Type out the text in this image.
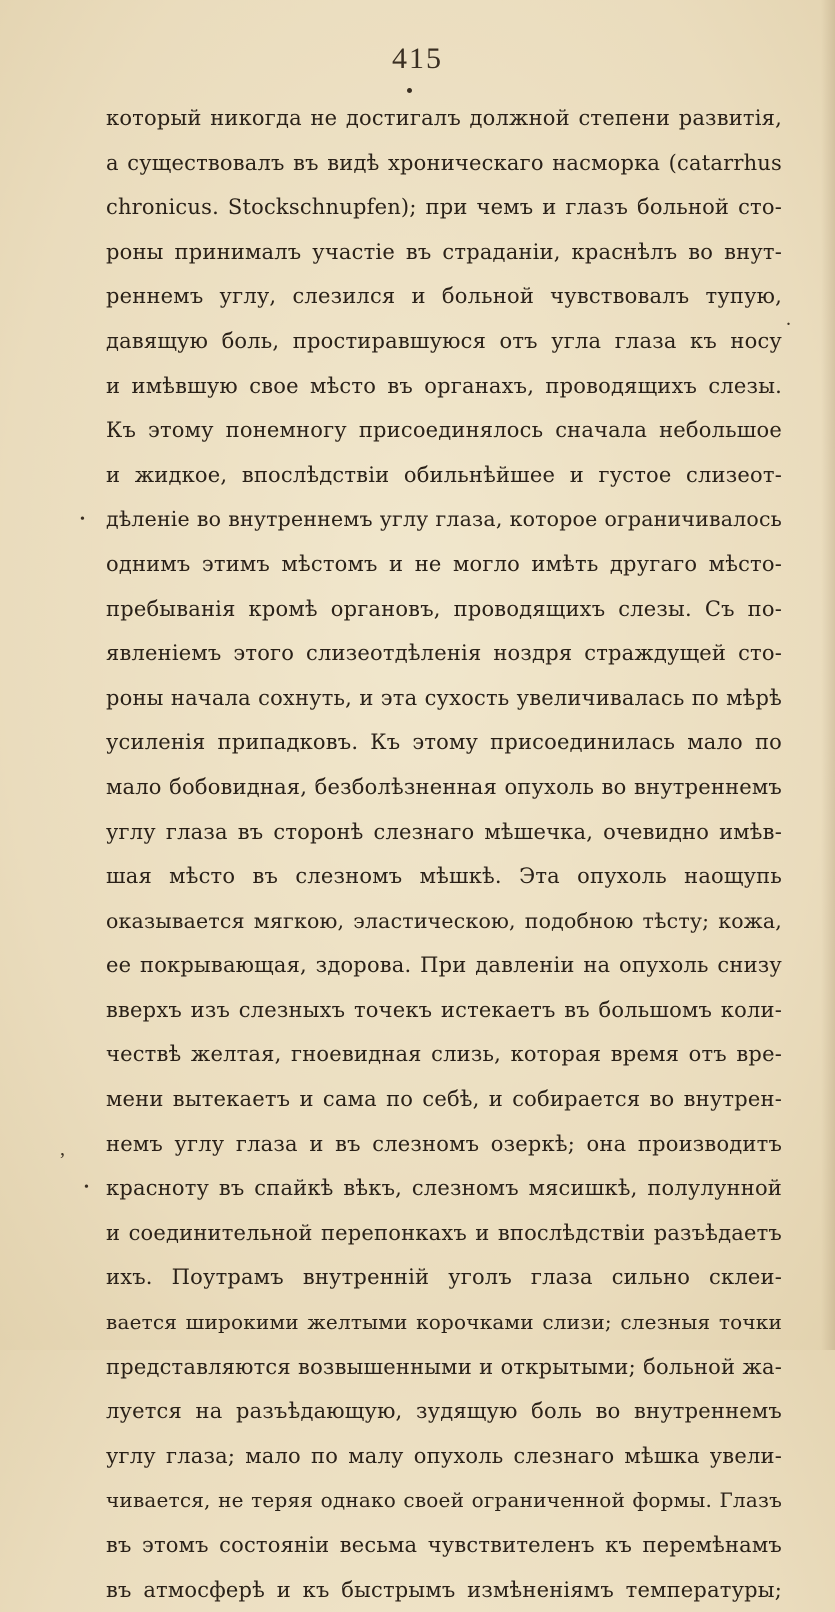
415
который никогда не достигалъ должной степени развитія,
а существовалъ въ видѣ хроническаго насморка (catarrhus
chronicus. Stockschnupfen); при чемъ и глазъ больной сто-
роны принималъ участіе въ страданіи, краснѣлъ во внут-
реннемъ углу, слезился и больной чувствовалъ тупую,
давящую боль, простиравшуюся отъ угла глаза къ носу
и имѣвшую свое мѣсто въ органахъ, проводящихъ слезы.
Къ этому понемногу присоединялось сначала небольшое
и жидкое, впослѣдствіи обильнѣйшее и густое слизеот-
дѣленіе во внутреннемъ углу глаза, которое ограничивалось
однимъ этимъ мѣстомъ и не могло имѣть другаго мѣсто-
пребыванія кромѣ органовъ, проводящихъ слезы. Съ по-
явленіемъ этого слизеотдѣленія ноздря страждущей сто-
роны начала сохнуть, и эта сухость увеличивалась по мѣрѣ
усиленія припадковъ. Къ этому присоединилась мало по
мало бобовидная, безболѣзненная опухоль во внутреннемъ
углу глаза въ сторонѣ слезнаго мѣшечка, очевидно имѣв-
шая мѣсто въ слезномъ мѣшкѣ. Эта опухоль наощупь
оказывается мягкою, эластическою, подобною тѣсту; кожа,
ее покрывающая, здорова. При давленіи на опухоль снизу
вверхъ изъ слезныхъ точекъ истекаетъ въ большомъ коли-
чествѣ желтая, гноевидная слизь, которая время отъ вре-
мени вытекаетъ и сама по себѣ, и собирается во внутрен-
немъ углу глаза и въ слезномъ озеркѣ; она производитъ
красноту въ спайкѣ вѣкъ, слезномъ мясишкѣ, полулунной
и соединительной перепонкахъ и впослѣдствіи разъѣдаетъ
ихъ. Поутрамъ внутренній уголъ глаза сильно склеи-
вается широкими желтыми корочками слизи; слезныя точки
представляются возвышенными и открытыми; больной жа-
луется на разъѣдающую, зудящую боль во внутреннемъ
углу глаза; мало по малу опухоль слезнаго мѣшка увели-
чивается, не теряя однако своей ограниченной формы. Глазъ
въ этомъ состояніи весьма чувствителенъ къ перемѣнамъ
въ атмосферѣ и къ быстрымъ измѣненіямъ температуры;
.
•
,
•
